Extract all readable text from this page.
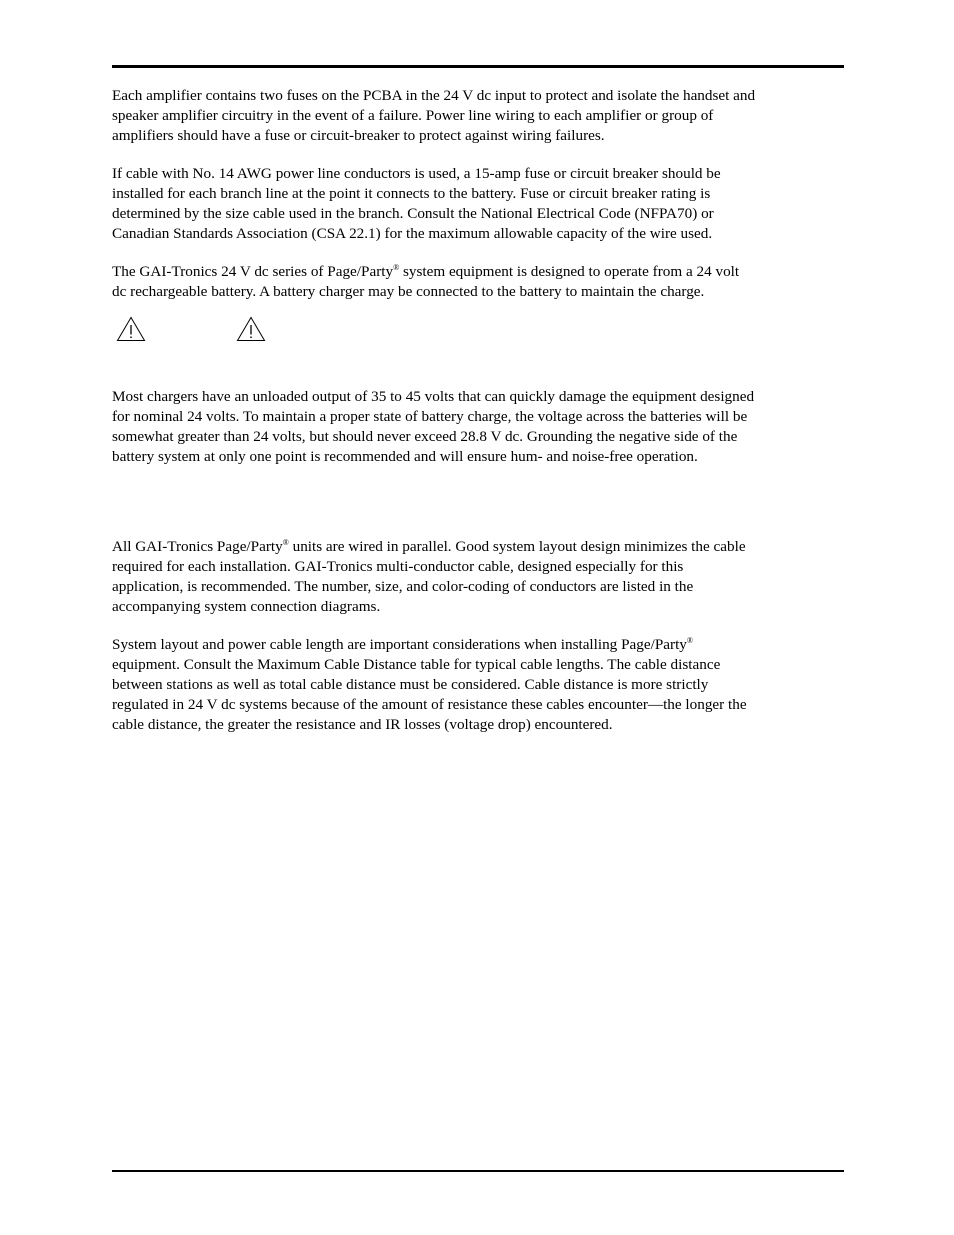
Each amplifier contains two fuses on the PCBA in the 24 V dc input to protect and isolate the handset and
speaker amplifier circuitry in the event of a failure. Power line wiring to each amplifier or group of
amplifiers should have a fuse or circuit-breaker to protect against wiring failures.

If cable with No. 14 AWG power line conductors is used, a 15-amp fuse or circuit breaker should be
installed for each branch line at the point it connects to the battery. Fuse or circuit breaker rating is
determined by the size cable used in the branch. Consult the National Electrical Code (NFPA70) or
Canadian Standards Association (CSA 22.1) for the maximum allowable capacity of the wire used.

The GAI-Tronics 24 V dc series of Page/Party® system equipment is designed to operate from a 24 volt
dc rechargeable battery. A battery charger may be connected to the battery to maintain the charge.

Most chargers have an unloaded output of 35 to 45 volts that can quickly damage the equipment designed
for nominal 24 volts. To maintain a proper state of battery charge, the voltage across the batteries will be
somewhat greater than 24 volts, but should never exceed 28.8 V dc. Grounding the negative side of the
battery system at only one point is recommended and will ensure hum- and noise-free operation.

All GAI-Tronics Page/Party® units are wired in parallel. Good system layout design minimizes the cable
required for each installation. GAI-Tronics multi-conductor cable, designed especially for this
application, is recommended. The number, size, and color-coding of conductors are listed in the
accompanying system connection diagrams.

System layout and power cable length are important considerations when installing Page/Party®
equipment. Consult the Maximum Cable Distance table for typical cable lengths. The cable distance
between stations as well as total cable distance must be considered. Cable distance is more strictly
regulated in 24 V dc systems because of the amount of resistance these cables encounter—the longer the
cable distance, the greater the resistance and IR losses (voltage drop) encountered.
